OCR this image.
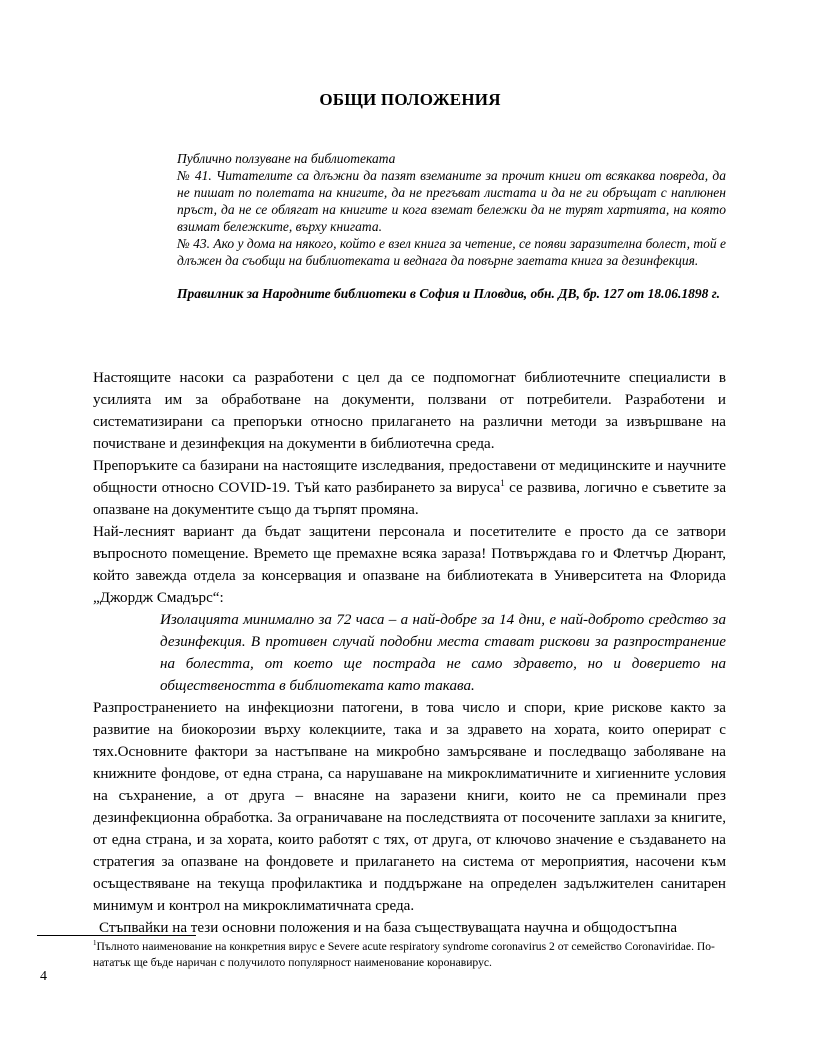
ОБЩИ ПОЛОЖЕНИЯ

Публично ползуване на библиотеката

№ 41. Читателите са длъжни да пазят вземаните за прочит книги от всякаква повреда, да не пишат по полетата на книгите, да не прегъват листата и да не ги обръщат с наплюнен пръст, да не се облягат на книгите и кога вземат бележки да не турят хартията, на която взимат бележките, върху книгата.

№ 43. Ако у дома на някого, който е взел книга за четение, се появи заразителна болест, той е длъжен да съобщи на библиотеката и веднага да повърне заетата книга за дезинфекция.

Правилник за Народните библиотеки в София и Пловдив, обн. ДВ, бр. 127 от 18.06.1898 г.

Настоящите насоки са разработени с цел да се подпомогнат библиотечните специалисти в усилията им за обработване на документи, ползвани от потребители. Разработени и систематизирани са препоръки относно прилагането на различни методи за извършване на почистване и дезинфекция на документи в библиотечна среда.

Препоръките са базирани на настоящите изследвания, предоставени от медицинските и научните общности относно COVID-19. Тъй като разбирането за вируса$^1$ се развива, логично е съветите за опазване на документите също да търпят промяна.

Най-лесният вариант да бъдат защитени персонала и посетителите е просто да се затвори въпросното помещение. Времето ще премахне всяка зараза! Потвърждава го и Флетчър Дюрант, който завежда отдела за консервация и опазване на библиотеката в Университета на Флорида „Джордж Смадърс“:

Изолацията минимално за 72 часа – а най-добре за 14 дни, е най-доброто средство за дезинфекция. В противен случай подобни места стават рискови за разпространение на болестта, от което ще пострада не само здравето, но и доверието на обществеността в библиотеката като такава.

Разпространението на инфекциозни патогени, в това число и спори, крие рискове както за развитие на биокорозии върху колекциите, така и за здравето на хората, които оперират с тях.Основните фактори за настъпване на микробно замърсяване и последващо заболяване на книжните фондове, от една страна, са нарушаване на микроклиматичните и хигиенните условия на съхранение, а от друга – внасяне на заразени книги, които не са преминали през дезинфекционна обработка. За ограничаване на последствията от посочените заплахи за книгите, от една страна, и за хората, които работят с тях, от друга, от ключово значение е създаването на стратегия за опазване на фондовете и прилагането на система от мероприятия, насочени към осъществяване на текуща профилактика и поддържане на определен задължителен санитарен минимум и контрол на микроклиматичната среда.

Стъпвайки на тези основни положения и на база съществуващата научна и общодостъпна

$^1$Пълното наименование на конкретния вирус е Severe acute respiratory syndrome coronavirus 2 от семейство Coronaviridae. По-нататък ще бъде наричан с получилото популярност наименование коронавирус.
4
